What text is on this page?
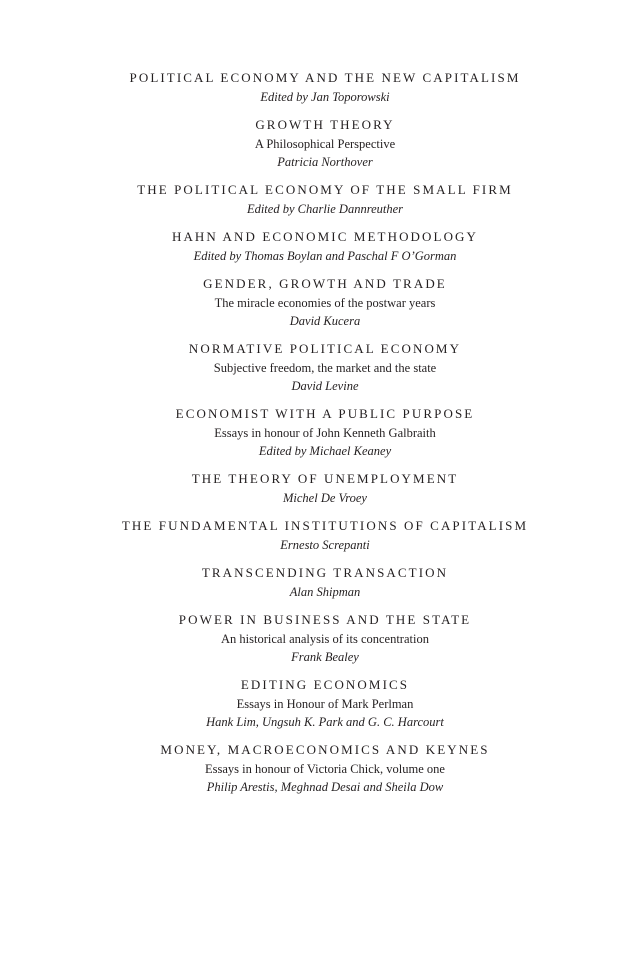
POLITICAL ECONOMY AND THE NEW CAPITALISM
Edited by Jan Toporowski
GROWTH THEORY
A Philosophical Perspective
Patricia Northover
THE POLITICAL ECONOMY OF THE SMALL FIRM
Edited by Charlie Dannreuther
HAHN AND ECONOMIC METHODOLOGY
Edited by Thomas Boylan and Paschal F O’Gorman
GENDER, GROWTH AND TRADE
The miracle economies of the postwar years
David Kucera
NORMATIVE POLITICAL ECONOMY
Subjective freedom, the market and the state
David Levine
ECONOMIST WITH A PUBLIC PURPOSE
Essays in honour of John Kenneth Galbraith
Edited by Michael Keaney
THE THEORY OF UNEMPLOYMENT
Michel De Vroey
THE FUNDAMENTAL INSTITUTIONS OF CAPITALISM
Ernesto Screpanti
TRANSCENDING TRANSACTION
Alan Shipman
POWER IN BUSINESS AND THE STATE
An historical analysis of its concentration
Frank Bealey
EDITING ECONOMICS
Essays in Honour of Mark Perlman
Hank Lim, Ungsuh K. Park and G. C. Harcourt
MONEY, MACROECONOMICS AND KEYNES
Essays in honour of Victoria Chick, volume one
Philip Arestis, Meghnad Desai and Sheila Dow
